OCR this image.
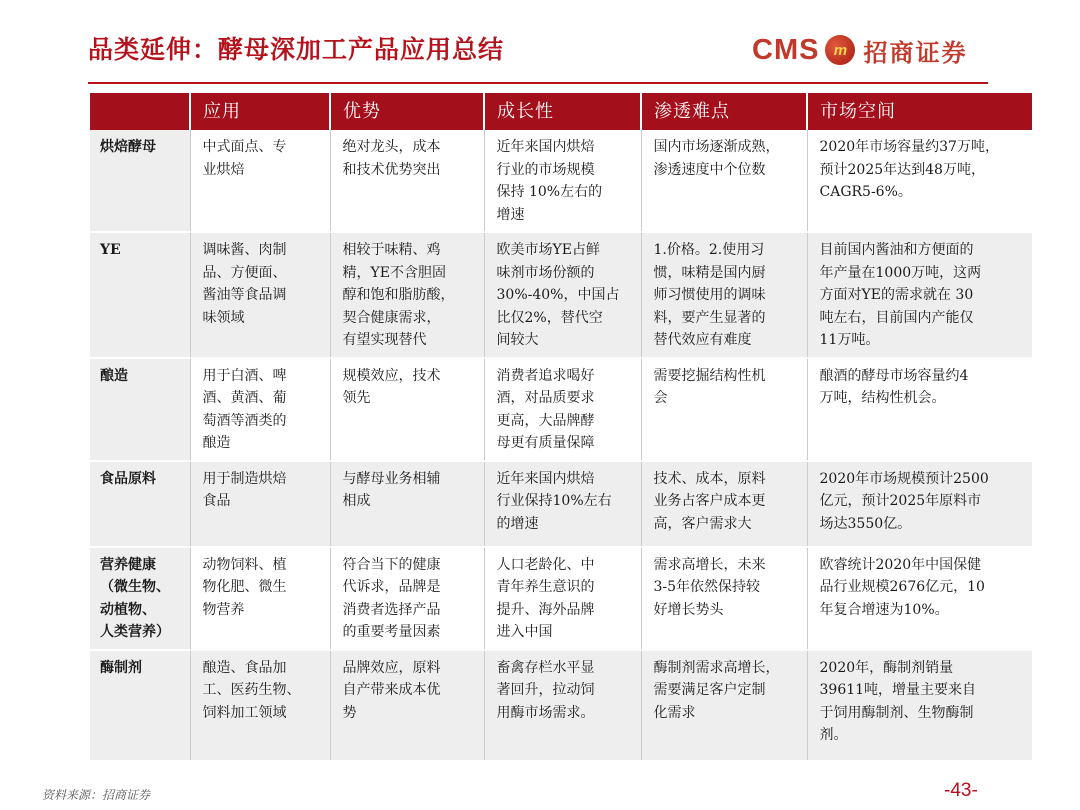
品类延伸：酵母深加工产品应用总结	CMS m 招商证券
	应用	优势	成长性	渗透难点	市场空间
烘焙酵母	中式面点、专
业烘焙	绝对龙头，成本
和技术优势突出	近年来国内烘焙
行业的市场规模
保持 10%左右的
增速	国内市场逐渐成熟，
渗透速度中个位数	2020年市场容量约37万吨，
预计2025年达到48万吨，
CAGR5-6%。
YE	调味酱、肉制
品、方便面、
酱油等食品调
味领域	相较于味精、鸡
精，YE不含胆固
醇和饱和脂肪酸，
契合健康需求，
有望实现替代	欧美市场YE占鲜
味剂市场份额的
30%-40%，中国占
比仅2%，替代空
间较大	1.价格。2.使用习
惯，味精是国内厨
师习惯使用的调味
料，要产生显著的
替代效应有难度	目前国内酱油和方便面的
年产量在1000万吨，这两
方面对YE的需求就在 30
吨左右，目前国内产能仅
11万吨。
酿造	用于白酒、啤
酒、黄酒、葡
萄酒等酒类的
酿造	规模效应，技术
领先	消费者追求喝好
酒，对品质要求
更高，大品牌酵
母更有质量保障	需要挖掘结构性机
会	酿酒的酵母市场容量约4
万吨，结构性机会。
食品原料	用于制造烘焙
食品	与酵母业务相辅
相成	近年来国内烘焙
行业保持10%左右
的增速	技术、成本，原料
业务占客户成本更
高，客户需求大	2020年市场规模预计2500
亿元，预计2025年原料市
场达3550亿。
营养健康
（微生物、
动植物、
人类营养）	动物饲料、植
物化肥、微生
物营养	符合当下的健康
代诉求，品牌是
消费者选择产品
的重要考量因素	人口老龄化、中
青年养生意识的
提升、海外品牌
进入中国	需求高增长，未来
3-5年依然保持较
好增长势头	欧睿统计2020年中国保健
品行业规模2676亿元，10
年复合增速为10%。
酶制剂	酿造、食品加
工、医药生物、
饲料加工领域	品牌效应，原料
自产带来成本优
势	畜禽存栏水平显
著回升，拉动饲
用酶市场需求。	酶制剂需求高增长，
需要满足客户定制
化需求	2020年，酶制剂销量
39611吨，增量主要来自
于饲用酶制剂、生物酶制
剂。
资料来源：招商证券	-43-
